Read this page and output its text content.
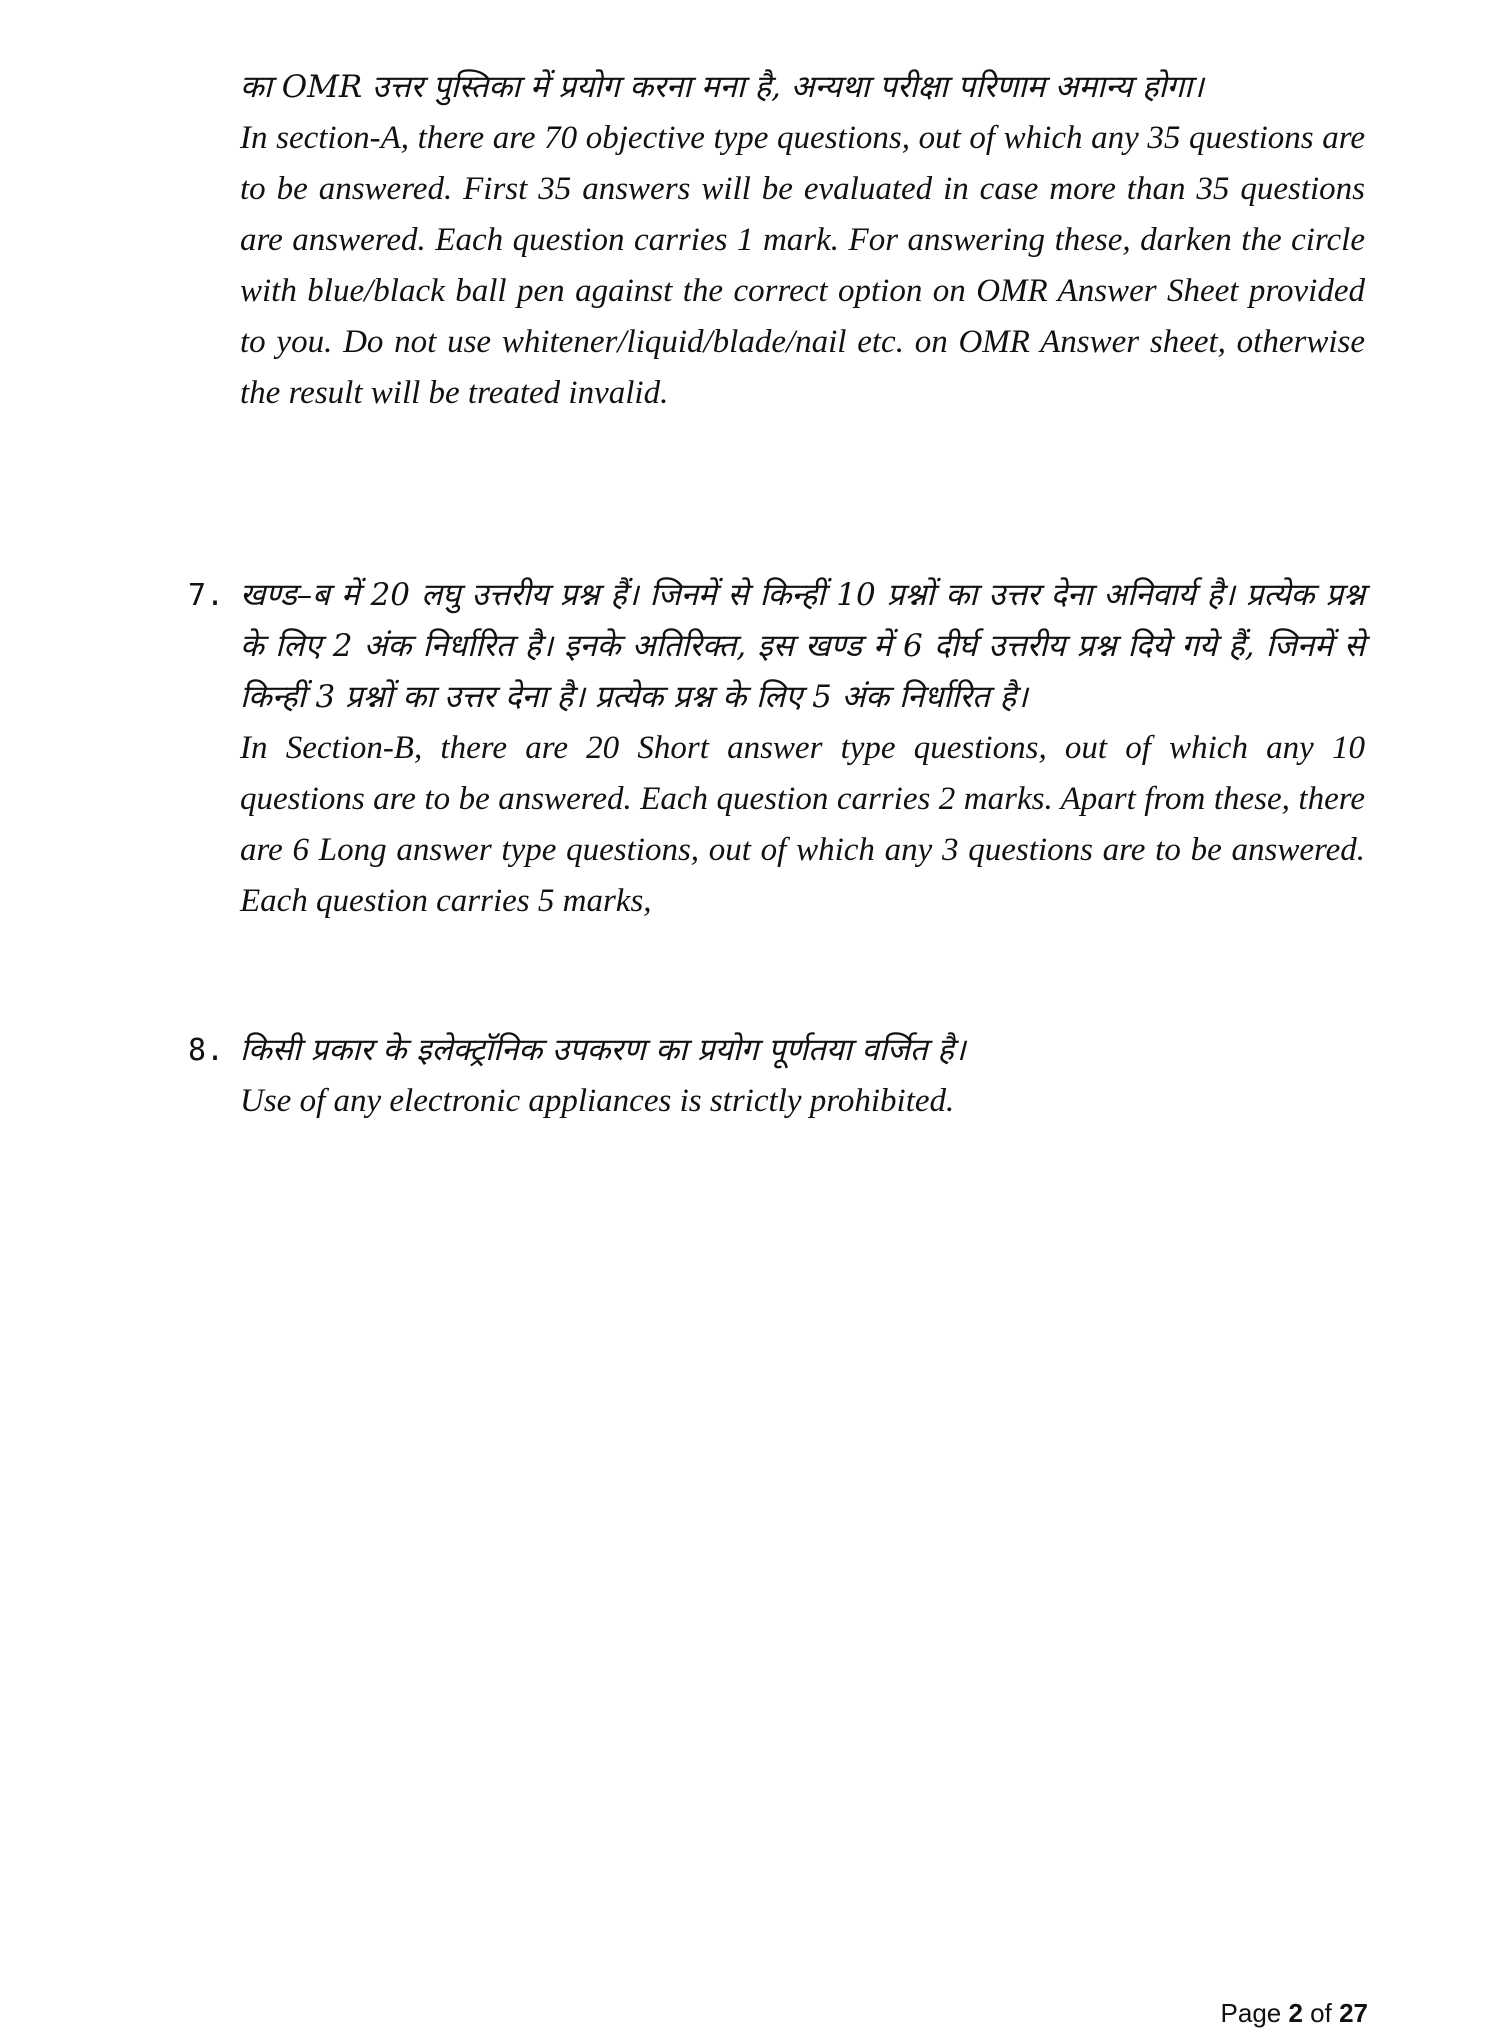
का OMR उत्तर पुस्तिका में प्रयोग करना मना है, अन्यथा परीक्षा परिणाम अमान्य होगा।
In section-A, there are 70 objective type questions, out of which any 35 questions are to be answered. First 35 answers will be evaluated in case more than 35 questions are answered. Each question carries 1 mark. For answering these, darken the circle with blue/black ball pen against the correct option on OMR Answer Sheet provided to you. Do not use whitener/liquid/blade/nail etc. on OMR Answer sheet, otherwise the result will be treated invalid.
7. खण्ड–ब में 20 लघु उत्तरीय प्रश्न हैं। जिनमें से किन्हीं 10 प्रश्नों का उत्तर देना अनिवार्य है। प्रत्येक प्रश्न के लिए 2 अंक निर्धारित है। इनके अतिरिक्त, इस खण्ड में 6 दीर्घ उत्तरीय प्रश्न दिये गये हैं, जिनमें से किन्हीं 3 प्रश्नों का उत्तर देना है। प्रत्येक प्रश्न के लिए 5 अंक निर्धारित है।
In Section-B, there are 20 Short answer type questions, out of which any 10 questions are to be answered. Each question carries 2 marks. Apart from these, there are 6 Long answer type questions, out of which any 3 questions are to be answered. Each question carries 5 marks,
8. किसी प्रकार के इलेक्ट्रॉनिक उपकरण का प्रयोग पूर्णतया वर्जित है।
Use of any electronic appliances is strictly prohibited.
Page 2 of 27
